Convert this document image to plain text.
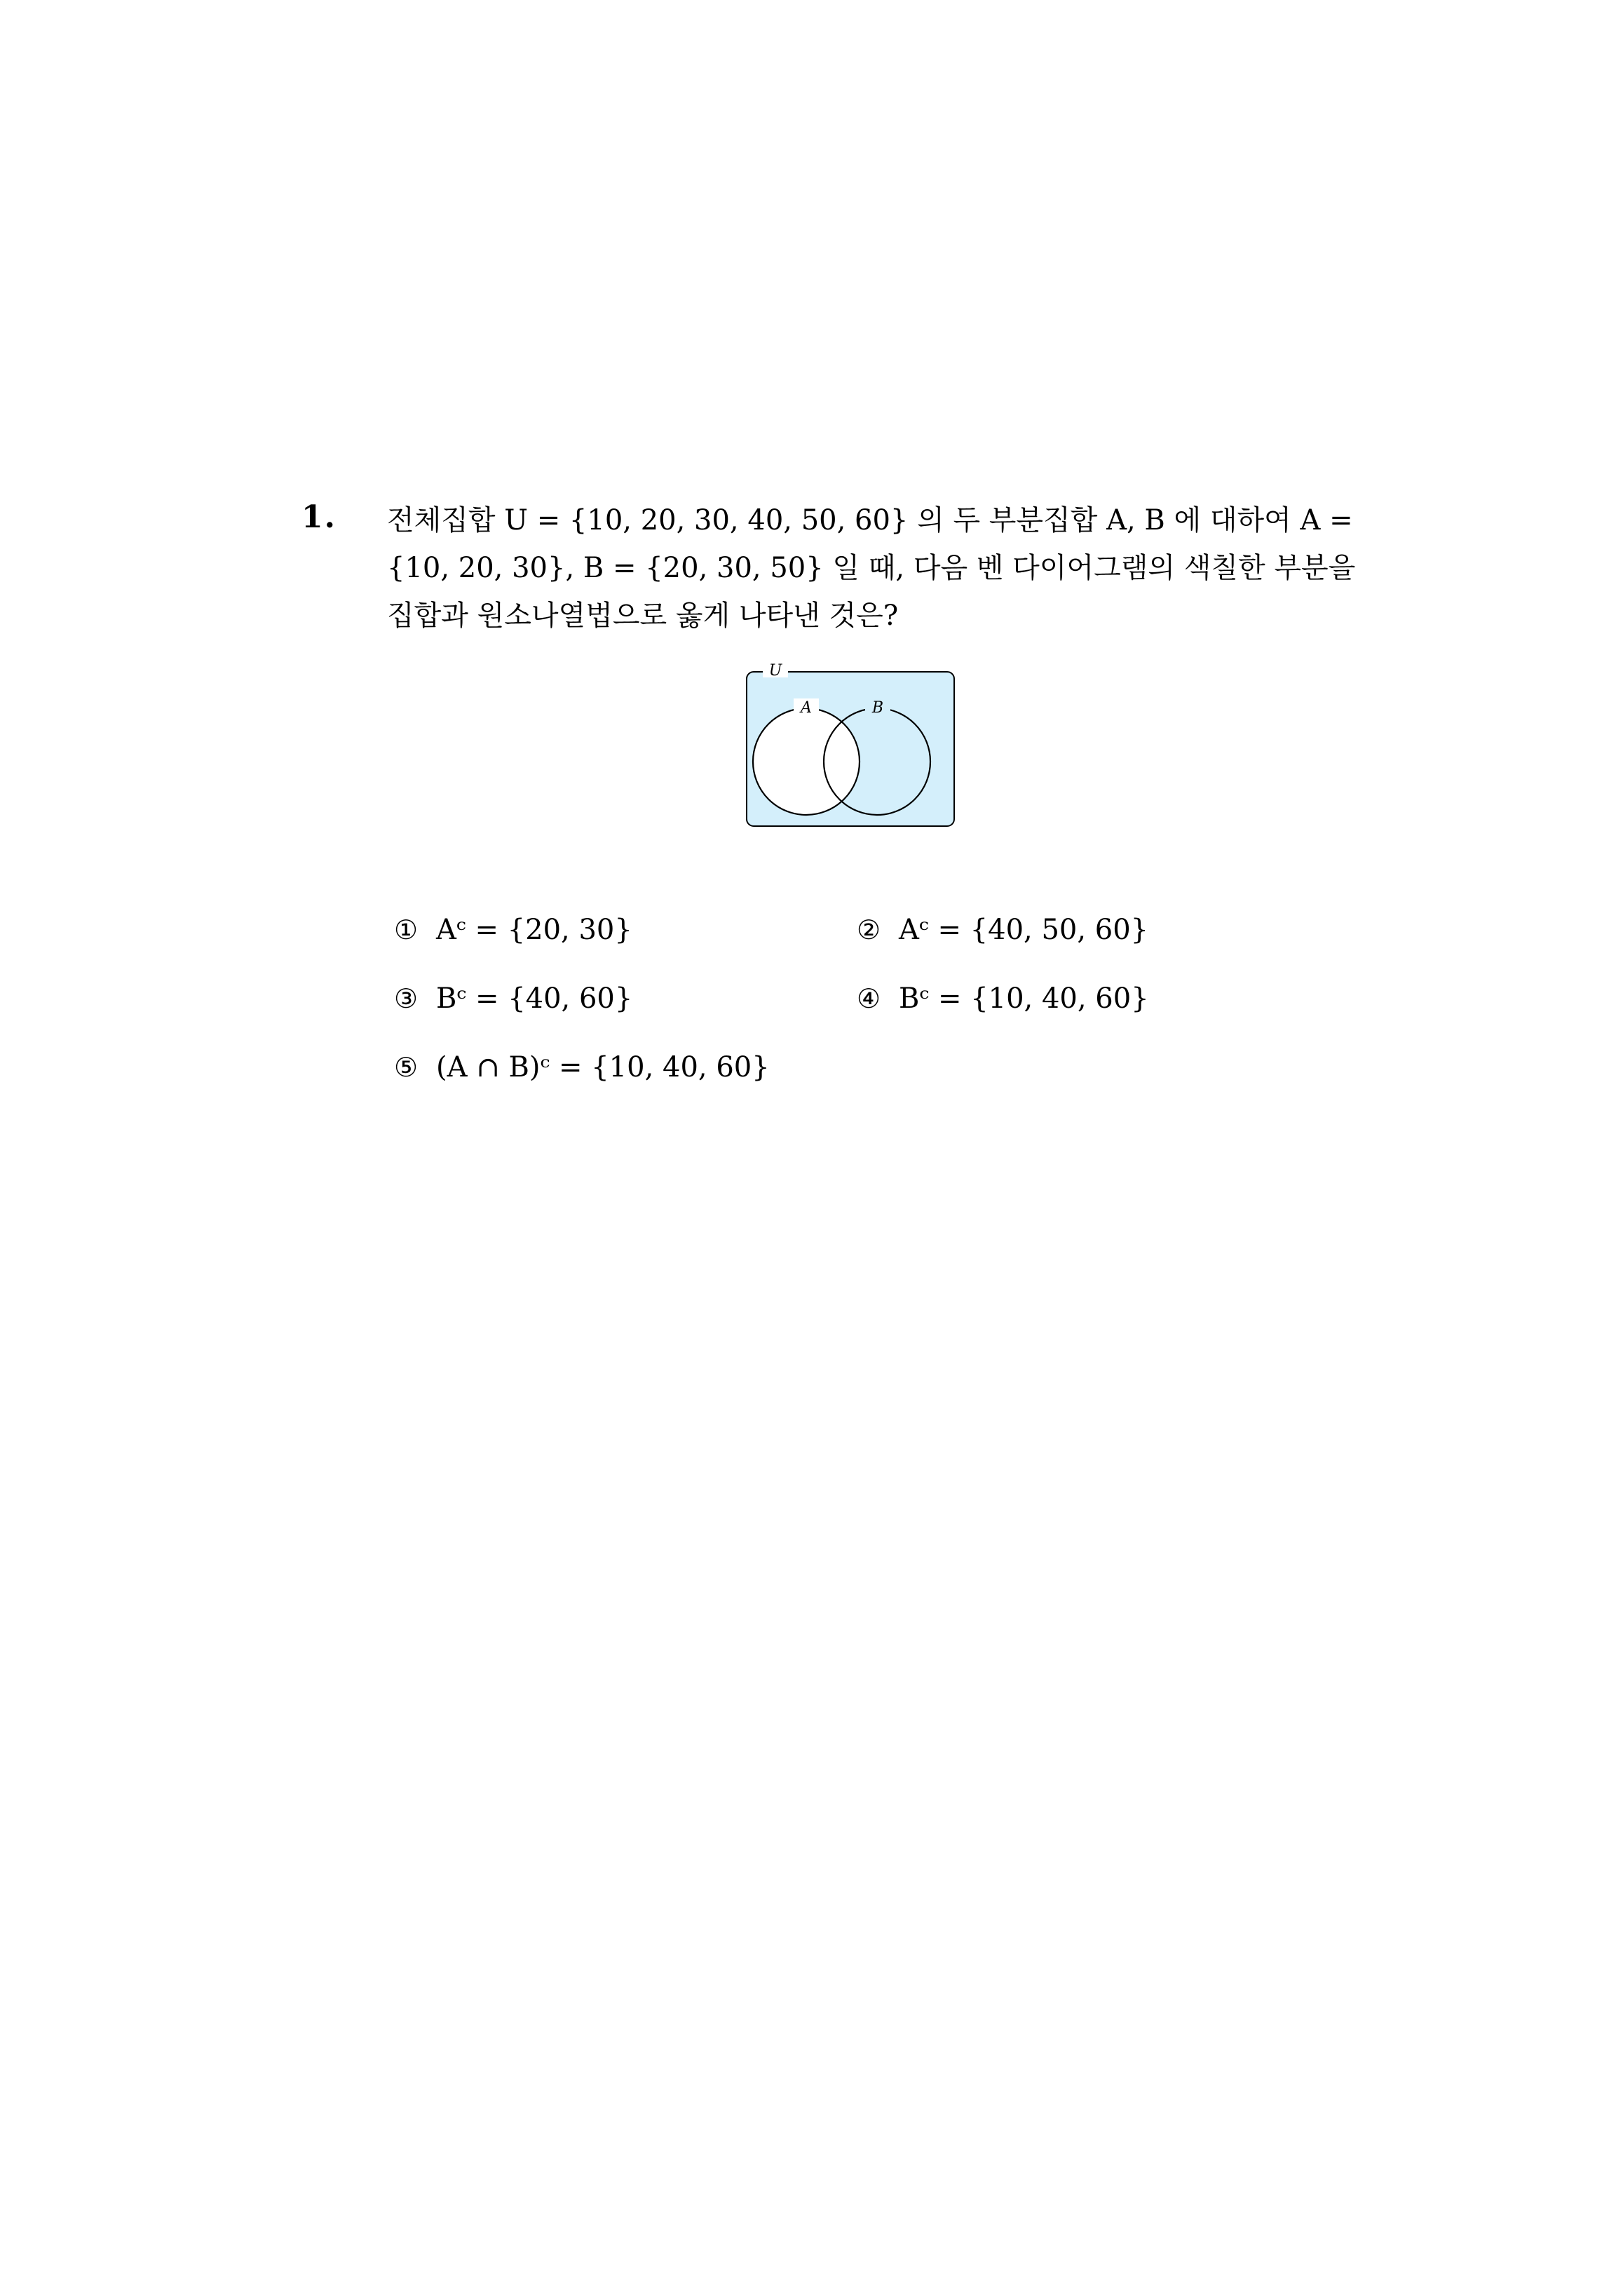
1. 전체집합 U = {10, 20, 30, 40, 50, 60} 의 두 부분집합 A, B 에 대하여 A =
{10, 20, 30}, B = {20, 30, 50} 일 때, 다음 벤 다이어그램의 색칠한 부분을
집합과 원소나열법으로 옳게 나타낸 것은?
U
A	B
① Aᶜ = {20, 30}	② Aᶜ = {40, 50, 60}
③ Bᶜ = {40, 60}	④ Bᶜ = {10, 40, 60}
⑤ (A ∩ B)ᶜ = {10, 40, 60}
